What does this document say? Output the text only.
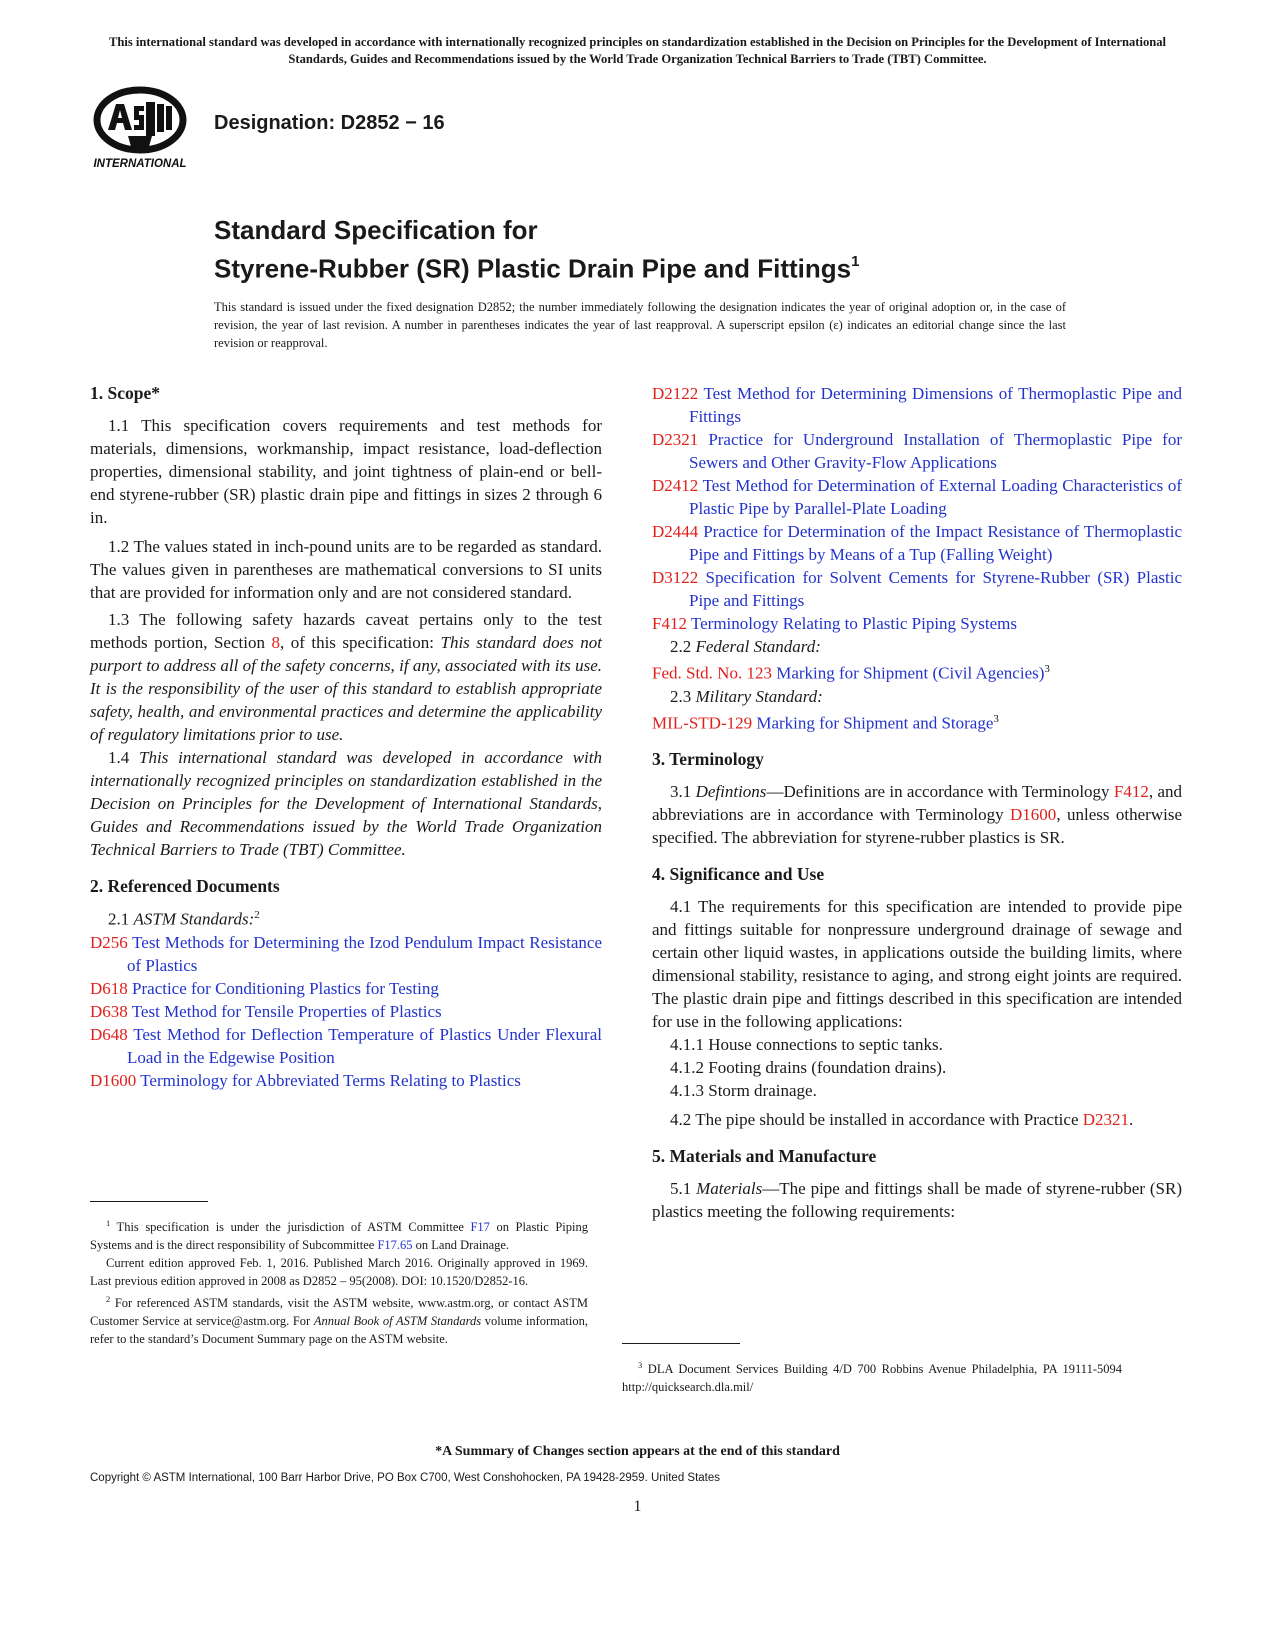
This international standard was developed in accordance with internationally recognized principles on standardization established in the Decision on Principles for the Development of International Standards, Guides and Recommendations issued by the World Trade Organization Technical Barriers to Trade (TBT) Committee.
INTERNATIONAL
Designation: D2852 − 16
Standard Specification for
Styrene-Rubber (SR) Plastic Drain Pipe and Fittings$^1$
This standard is issued under the fixed designation D2852; the number immediately following the designation indicates the year of original adoption or, in the case of revision, the year of last revision. A number in parentheses indicates the year of last reapproval. A superscript epsilon (ε) indicates an editorial change since the last revision or reapproval.

1. Scope*

1.1 This specification covers requirements and test methods for materials, dimensions, workmanship, impact resistance, load-deflection properties, dimensional stability, and joint tightness of plain-end or bell-end styrene-rubber (SR) plastic drain pipe and fittings in sizes 2 through 6 in.

1.2 The values stated in inch-pound units are to be regarded as standard. The values given in parentheses are mathematical conversions to SI units that are provided for information only and are not considered standard.

1.3 The following safety hazards caveat pertains only to the test methods portion, Section 8, of this specification: This standard does not purport to address all of the safety concerns, if any, associated with its use. It is the responsibility of the user of this standard to establish appropriate safety, health, and environmental practices and determine the applicability of regulatory limitations prior to use.

1.4 This international standard was developed in accordance with internationally recognized principles on standardization established in the Decision on Principles for the Development of International Standards, Guides and Recommendations issued by the World Trade Organization Technical Barriers to Trade (TBT) Committee.

2. Referenced Documents

2.1 ASTM Standards:$^2$

D256 Test Methods for Determining the Izod Pendulum Impact Resistance of Plastics

D618 Practice for Conditioning Plastics for Testing

D638 Test Method for Tensile Properties of Plastics

D648 Test Method for Deflection Temperature of Plastics Under Flexural Load in the Edgewise Position

D1600 Terminology for Abbreviated Terms Relating to Plastics

D2122 Test Method for Determining Dimensions of Thermoplastic Pipe and Fittings

D2321 Practice for Underground Installation of Thermoplastic Pipe for Sewers and Other Gravity-Flow Applications

D2412 Test Method for Determination of External Loading Characteristics of Plastic Pipe by Parallel-Plate Loading

D2444 Practice for Determination of the Impact Resistance of Thermoplastic Pipe and Fittings by Means of a Tup (Falling Weight)

D3122 Specification for Solvent Cements for Styrene-Rubber (SR) Plastic Pipe and Fittings

F412 Terminology Relating to Plastic Piping Systems

2.2 Federal Standard:

Fed. Std. No. 123 Marking for Shipment (Civil Agencies)$^3$

2.3 Military Standard:

MIL-STD-129 Marking for Shipment and Storage$^3$

3. Terminology

3.1 Defintions—Definitions are in accordance with Terminology F412, and abbreviations are in accordance with Terminology D1600, unless otherwise specified. The abbreviation for styrene-rubber plastics is SR.

4. Significance and Use

4.1 The requirements for this specification are intended to provide pipe and fittings suitable for nonpressure underground drainage of sewage and certain other liquid wastes, in applications outside the building limits, where dimensional stability, resistance to aging, and strong eight joints are required. The plastic drain pipe and fittings described in this specification are intended for use in the following applications:

4.1.1 House connections to septic tanks.

4.1.2 Footing drains (foundation drains).

4.1.3 Storm drainage.

4.2 The pipe should be installed in accordance with Practice D2321.

5. Materials and Manufacture

5.1 Materials—The pipe and fittings shall be made of styrene-rubber (SR) plastics meeting the following requirements:

$^1$ This specification is under the jurisdiction of ASTM Committee F17 on Plastic Piping Systems and is the direct responsibility of Subcommittee F17.65 on Land Drainage.

Current edition approved Feb. 1, 2016. Published March 2016. Originally approved in 1969. Last previous edition approved in 2008 as D2852 – 95(2008). DOI: 10.1520/D2852-16.

$^2$ For referenced ASTM standards, visit the ASTM website, www.astm.org, or contact ASTM Customer Service at service@astm.org. For Annual Book of ASTM Standards volume information, refer to the standard’s Document Summary page on the ASTM website.

$^3$ DLA Document Services Building 4/D 700 Robbins Avenue Philadelphia, PA 19111-5094 http://quicksearch.dla.mil/

*A Summary of Changes section appears at the end of this standard
Copyright © ASTM International, 100 Barr Harbor Drive, PO Box C700, West Conshohocken, PA 19428-2959. United States
1
